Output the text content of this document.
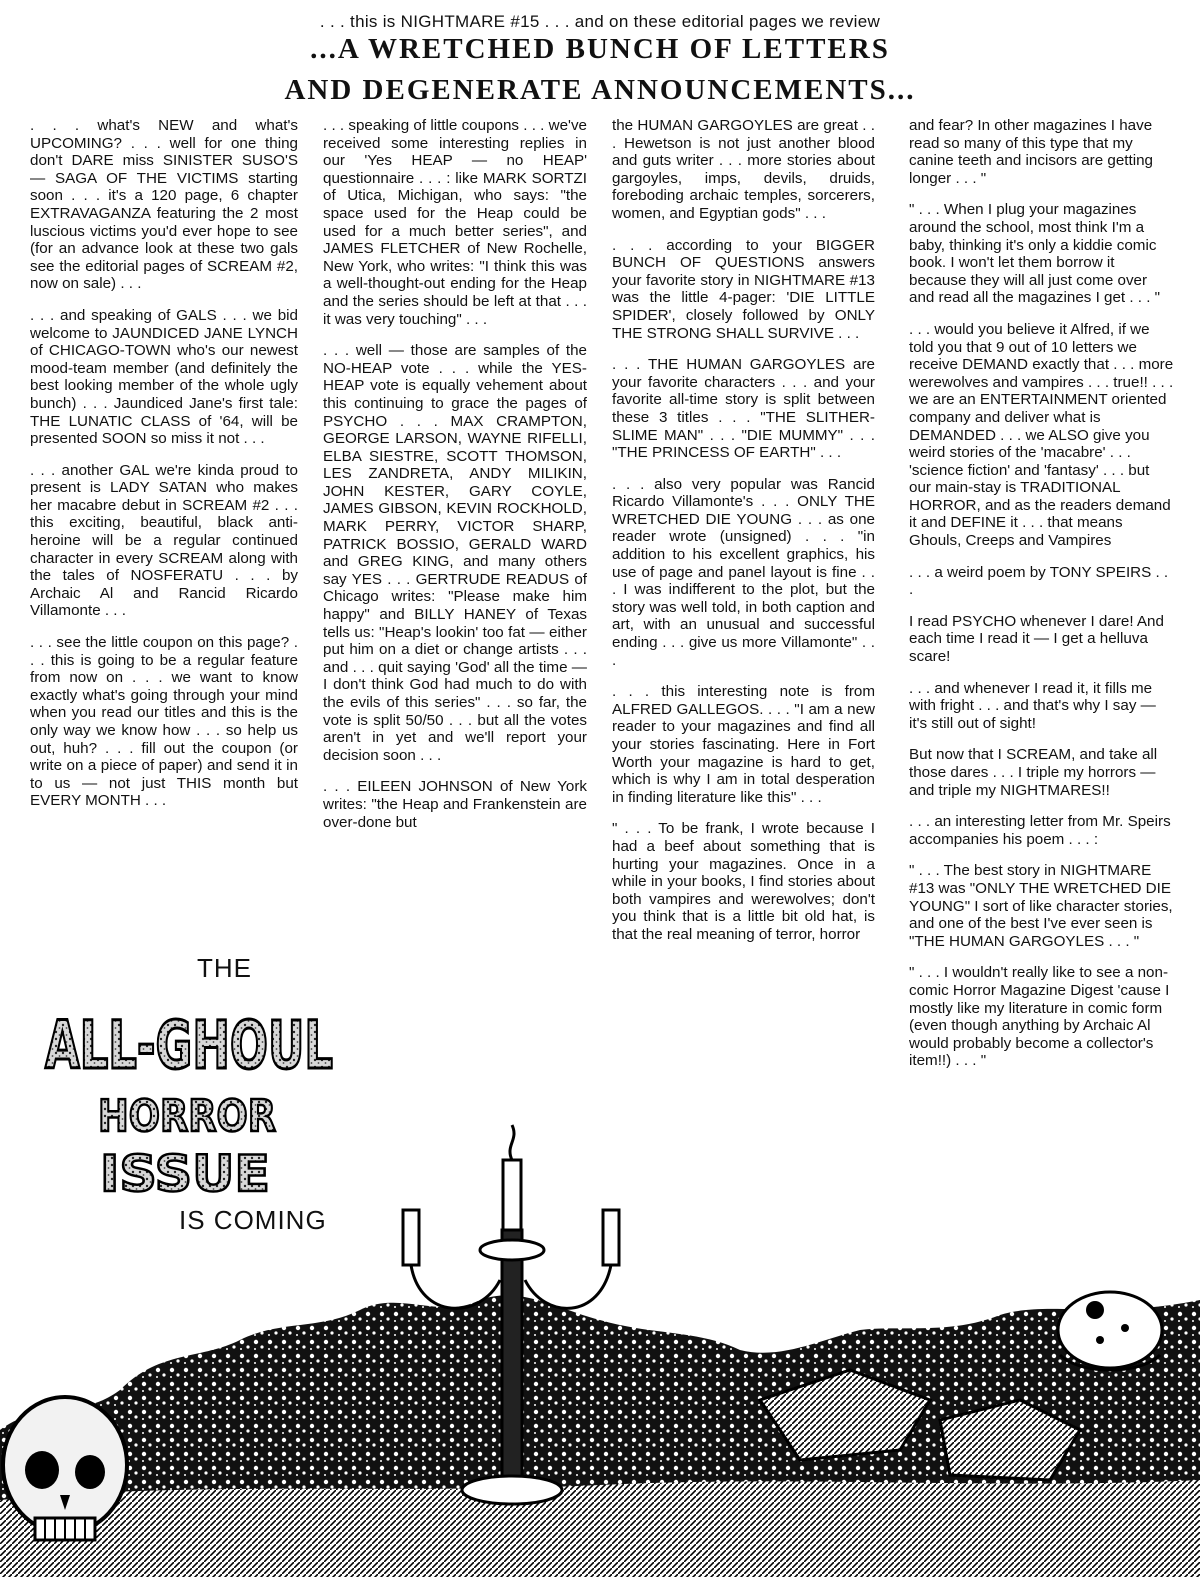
. . . this is NIGHTMARE #15 . . . and on these editorial pages we review
...A WRETCHED BUNCH OF LETTERS
AND DEGENERATE ANNOUNCEMENTS...

. . . what's NEW and what's UPCOMING? . . . well for one thing don't DARE miss SINISTER SUSO'S — SAGA OF THE VICTIMS starting soon . . . it's a 120 page, 6 chapter EXTRAVAGANZA featuring the 2 most luscious victims you'd ever hope to see (for an advance look at these two gals see the editorial pages of SCREAM #2, now on sale) . . .

. . . and speaking of GALS . . . we bid welcome to JAUNDICED JANE LYNCH of CHICAGO-TOWN who's our newest mood-team member (and definitely the best looking member of the whole ugly bunch) . . . Jaundiced Jane's first tale: THE LUNATIC CLASS of '64, will be presented SOON so miss it not . . .

. . . another GAL we're kinda proud to present is LADY SATAN who makes her macabre debut in SCREAM #2 . . . this exciting, beautiful, black anti-heroine will be a regular continued character in every SCREAM along with the tales of NOSFERATU . . . by Archaic Al and Rancid Ricardo Villamonte . . .

. . . see the little coupon on this page? . . . this is going to be a regular feature from now on . . . we want to know exactly what's going through your mind when you read our titles and this is the only way we know how . . . so help us out, huh? . . . fill out the coupon (or write on a piece of paper) and send it in to us — not just THIS month but EVERY MONTH . . .

. . . speaking of little coupons . . . we've received some interesting replies in our 'Yes HEAP — no HEAP' questionnaire . . . : like MARK SORTZI of Utica, Michigan, who says: "the space used for the Heap could be used for a much better series", and JAMES FLETCHER of New Rochelle, New York, who writes: "I think this was a well-thought-out ending for the Heap and the series should be left at that . . . it was very touching" . . .

. . . well — those are samples of the NO-HEAP vote . . . while the YES-HEAP vote is equally vehement about this continuing to grace the pages of PSYCHO . . . MAX CRAMPTON, GEORGE LARSON, WAYNE RIFELLI, ELBA SIESTRE, SCOTT THOMSON, LES ZANDRETA, ANDY MILIKIN, JOHN KESTER, GARY COYLE, JAMES GIBSON, KEVIN ROCKHOLD, MARK PERRY, VICTOR SHARP, PATRICK BOSSIO, GERALD WARD and GREG KING, and many others say YES . . . GERTRUDE READUS of Chicago writes: "Please make him happy" and BILLY HANEY of Texas tells us: "Heap's lookin' too fat — either put him on a diet or change artists . . . and . . . quit saying 'God' all the time — I don't think God had much to do with the evils of this series" . . . so far, the vote is split 50/50 . . . but all the votes aren't in yet and we'll report your decision soon . . .

. . . EILEEN JOHNSON of New York writes: "the Heap and Frankenstein are over-done but

the HUMAN GARGOYLES are great . . . Hewetson is not just another blood and guts writer . . . more stories about gargoyles, imps, devils, druids, foreboding archaic temples, sorcerers, women, and Egyptian gods" . . .

. . . according to your BIGGER BUNCH OF QUESTIONS answers your favorite story in NIGHTMARE #13 was the little 4-pager: 'DIE LITTLE SPIDER', closely followed by ONLY THE STRONG SHALL SURVIVE . . .

. . . THE HUMAN GARGOYLES are your favorite characters . . . and your favorite all-time story is split between these 3 titles . . . "THE SLITHER-SLIME MAN" . . . "DIE MUMMY" . . . "THE PRINCESS OF EARTH" . . .

. . . also very popular was Rancid Ricardo Villamonte's . . . ONLY THE WRETCHED DIE YOUNG . . . as one reader wrote (unsigned) . . . "in addition to his excellent graphics, his use of page and panel layout is fine . . . I was indifferent to the plot, but the story was well told, in both caption and art, with an unusual and successful ending . . . give us more Villamonte" . . .

. . . this interesting note is from ALFRED GALLEGOS. . . . "I am a new reader to your magazines and find all your stories fascinating. Here in Fort Worth your magazine is hard to get, which is why I am in total desperation in finding literature like this" . . .

" . . . To be frank, I wrote because I had a beef about something that is hurting your magazines. Once in a while in your books, I find stories about both vampires and werewolves; don't you think that is a little bit old hat, is that the real meaning of terror, horror

and fear? In other magazines I have read so many of this type that my canine teeth and incisors are getting longer . . . "

" . . . When I plug your magazines around the school, most think I'm a baby, thinking it's only a kiddie comic book. I won't let them borrow it because they will all just come over and read all the magazines I get . . . "

. . . would you believe it Alfred, if we told you that 9 out of 10 letters we receive DEMAND exactly that . . . more werewolves and vampires . . . true!! . . . we are an ENTERTAINMENT oriented company and deliver what is DEMANDED . . . we ALSO give you weird stories of the 'macabre' . . . 'science fiction' and 'fantasy' . . . but our main-stay is TRADITIONAL HORROR, and as the readers demand it and DEFINE it . . . that means Ghouls, Creeps and Vampires

. . . a weird poem by TONY SPEIRS . . .

I read PSYCHO whenever I dare! And each time I read it — I get a helluva scare!

. . . and whenever I read it, it fills me with fright . . . and that's why I say — it's still out of sight!

But now that I SCREAM, and take all those dares . . . I triple my horrors — and triple my NIGHTMARES!!

. . . an interesting letter from Mr. Speirs accompanies his poem . . . :

" . . . The best story in NIGHTMARE #13 was "ONLY THE WRETCHED DIE YOUNG" I sort of like character stories, and one of the best I've ever seen is "THE HUMAN GARGOYLES . . . "

" . . . I wouldn't really like to see a non-comic Horror Magazine Digest 'cause I mostly like my literature in comic form (even though anything by Archaic Al would probably become a collector's item!!) . . . "

THE
ALL-GHOUL
HORROR
ISSUE
IS COMING
